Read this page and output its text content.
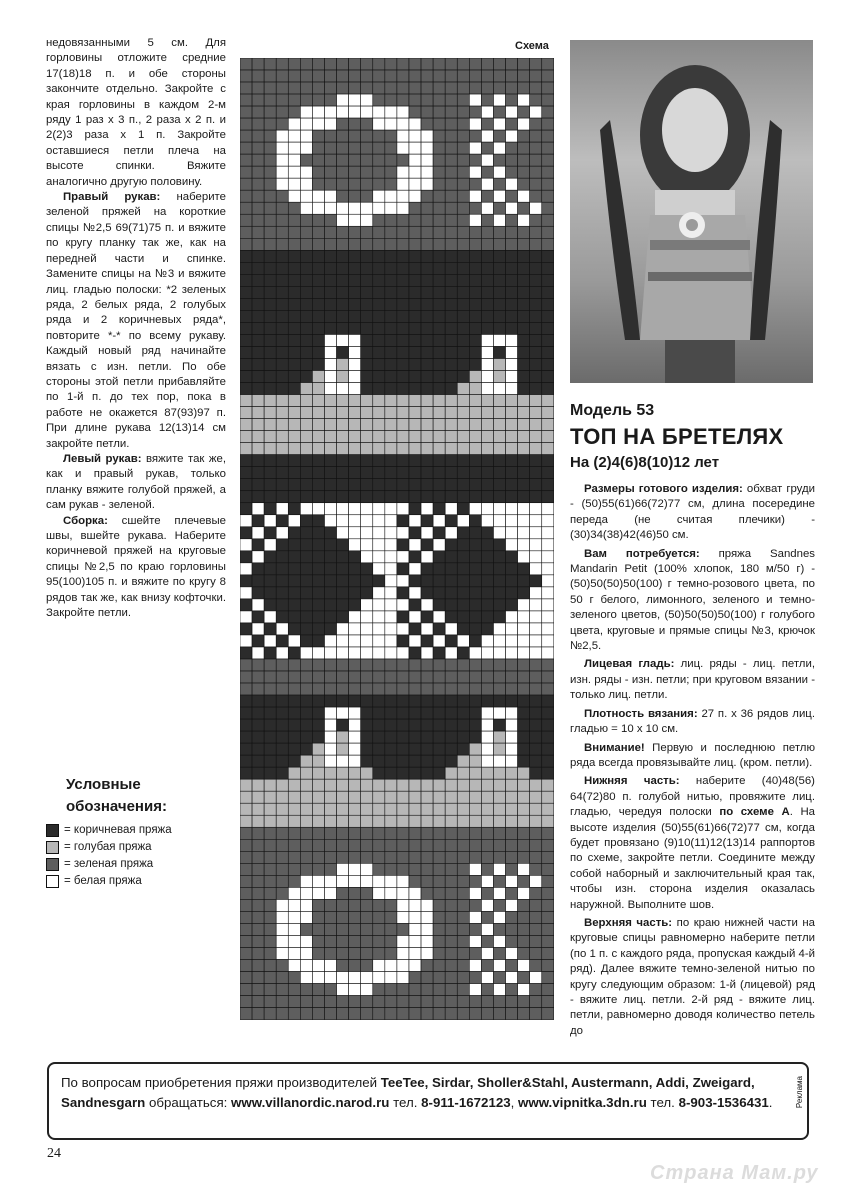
недовязанными 5 см. Для горловины отложите средние 17(18)18 п. и обе стороны закончите отдельно. Закройте с края горловины в каждом 2-м ряду 1 раз х 3 п., 2 раза х 2 п. и 2(2)3 раза х 1 п. Закройте оставшиеся петли плеча на высоте спинки. Вяжите аналогично другую половину.

Правый рукав: наберите зеленой пряжей на короткие спицы №2,5 69(71)75 п. и вяжите по кругу планку так же, как на передней части и спинке. Замените спицы на №3 и вяжите лиц. гладью полоски: *2 зеленых ряда, 2 белых ряда, 2 голубых ряда и 2 коричневых ряда*, повторите *-* по всему рукаву. Каждый новый ряд начинайте вязать с изн. петли. По обе стороны этой петли прибавляйте по 1-й п. до тех пор, пока в работе не окажется 87(93)97 п. При длине рукава 12(13)14 см закройте петли.

Левый рукав: вяжите так же, как и правый рукав, только планку вяжите голубой пряжей, а сам рукав - зеленой.

Сборка: сшейте плечевые швы, вшейте рукава. Наберите коричневой пряжей на круговые спицы №2,5 по краю горловины 95(100)105 п. и вяжите по кругу 8 рядов так же, как внизу кофточки. Закройте петли.

Условные
обозначения:
= коричневая пряжа
= голубая пряжа
= зеленая пряжа
= белая пряжа
Схема
Модель 53
ТОП НА БРЕТЕЛЯХ
На (2)4(6)8(10)12 лет

Размеры готового изделия: обхват груди - (50)55(61)66(72)77 см, длина посередине переда (не считая плечики) - (30)34(38)42(46)50 см.

Вам потребуется: пряжа Sandnes Mandarin Petit (100% хлопок, 180 м/50 г) - (50)50(50)50(100) г темно-розового цвета, по 50 г белого, лимонного, зеленого и темно-зеленого цветов, (50)50(50)50(100) г голубого цвета, круговые и прямые спицы №3, крючок №2,5.

Лицевая гладь: лиц. ряды - лиц. петли, изн. ряды - изн. петли; при круговом вязании - только лиц. петли.

Плотность вязания: 27 п. х 36 рядов лиц. гладью = 10 х 10 см.

Внимание! Первую и последнюю петлю ряда всегда провязывайте лиц. (кром. петли).

Нижняя часть: наберите (40)48(56) 64(72)80 п. голубой нитью, провяжите лиц. гладью, чередуя полоски по схеме А. На высоте изделия (50)55(61)66(72)77 см, когда будет провязано (9)10(11)12(13)14 раппортов по схеме, закройте петли. Соедините между собой наборный и заключительный края так, чтобы изн. сторона изделия оказалась наружной. Выполните шов.

Верхняя часть: по краю нижней части на круговые спицы равномерно наберите петли (по 1 п. с каждого ряда, пропуская каждый 4-й ряд). Далее вяжите темно-зеленой нитью по кругу следующим образом: 1-й (лицевой) ряд - вяжите лиц. петли. 2-й ряд - вяжите лиц. петли, равномерно доводя количество петель до

По вопросам приобретения пряжи производителей TeeTee, Sirdar, Sholler&Stahl, Austermann, Addi, Zweigard, Sandnesgarn обращаться: www.villanordic.narod.ru тел. 8-911-1672123, www.vipnitka.3dn.ru тел. 8-903-1536431.	Реклама
24
Страна Мам.ру
